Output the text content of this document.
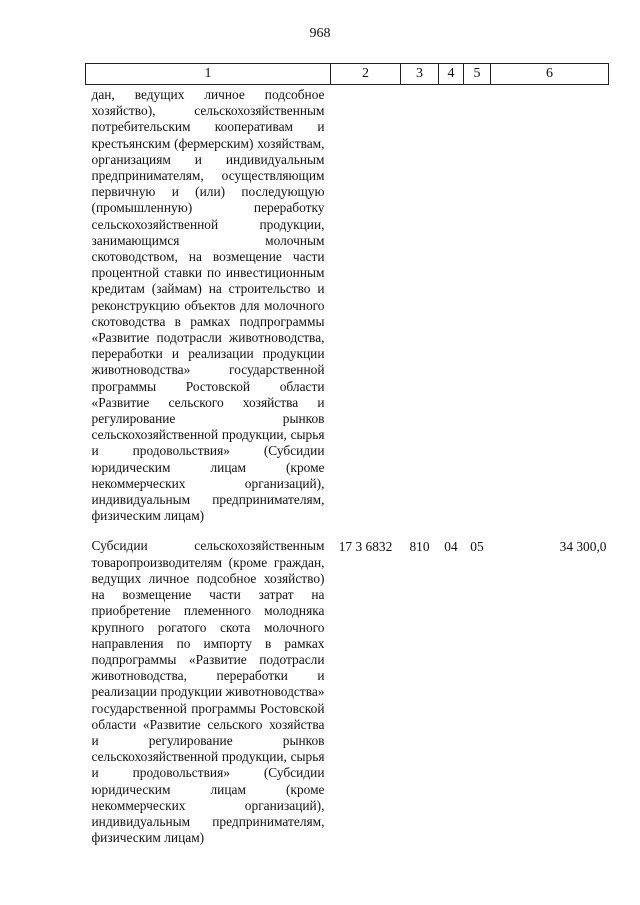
968
1	2	3	4	5	6
дан, ведущих личное подсобное хозяйство), сельскохозяйственным потребительским кооперативам и крестьянским (фермерским) хозяйствам, организациям и индивидуальным предпринимателям, осуществляющим первичную и (или) последующую (промышленную) переработку сельскохозяйственной продукции, занимающимся молочным скотоводством, на возмещение части процентной ставки по инвестиционным кредитам (займам) на строительство и реконструкцию объектов для молочного скотоводства в рамках подпрограммы «Развитие подотрасли животноводства, переработки и реализации продукции животноводства» государственной программы Ростовской области «Развитие сельского хозяйства и регулирование рынков сельскохозяйственной продукции, сырья и продовольствия» (Субсидии юридическим лицам (кроме некоммерческих организаций), индивидуальным предпринимателям, физическим лицам)					
Субсидии сельскохозяйственным товаропроизводителям (кроме граждан, ведущих личное подсобное хозяйство) на возмещение части затрат на приобретение племенного молодняка крупного рогатого скота молочного направления по импорту в рамках подпрограммы «Развитие подотрасли животноводства, переработки и реализации продукции животноводства» государственной программы Ростовской области «Развитие сельского хозяйства и регулирование рынков сельскохозяйственной продукции, сырья и продовольствия» (Субсидии юридическим лицам (кроме некоммерческих организаций), индивидуальным предпринимателям, физическим лицам)	17 3 6832	810	04	05	34 300,0
